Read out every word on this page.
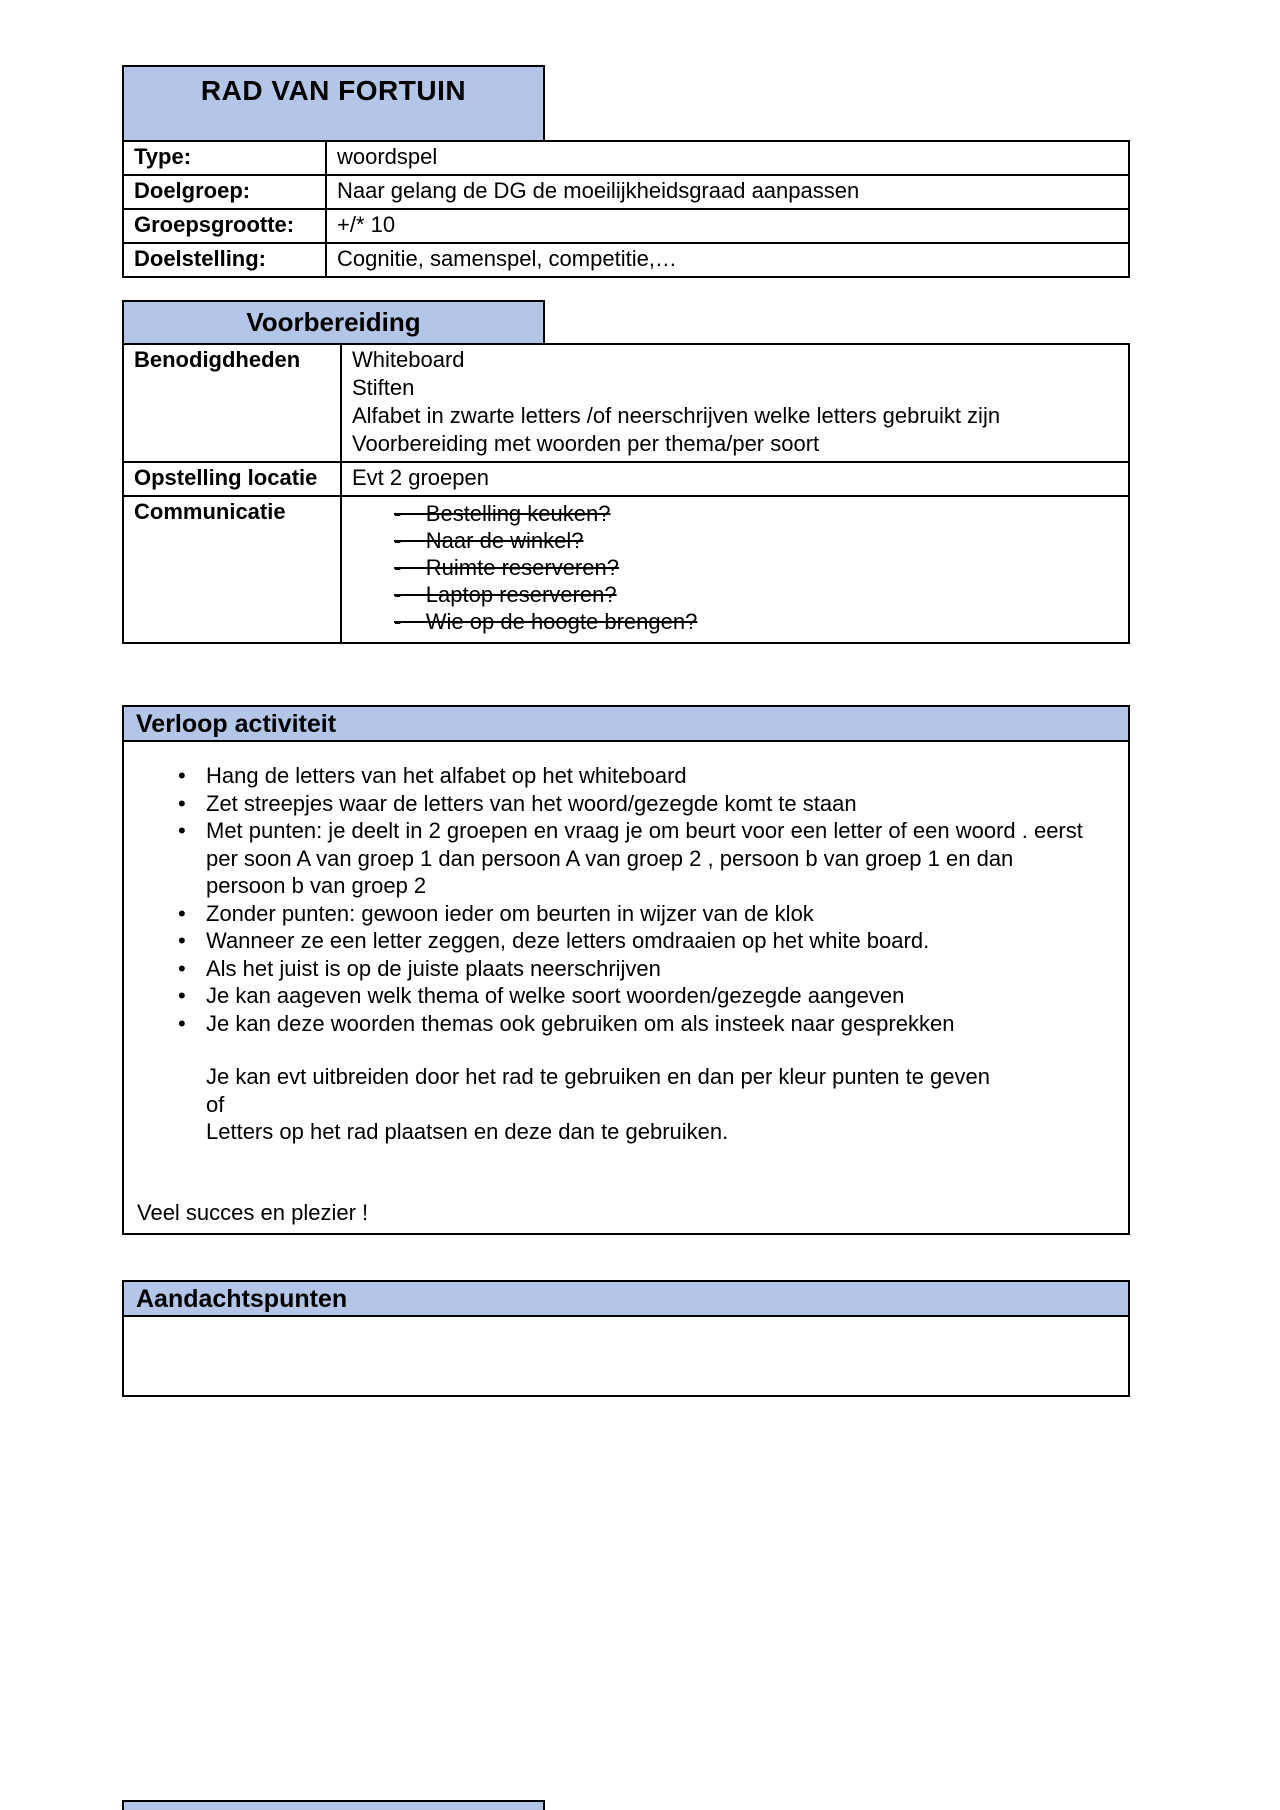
RAD VAN FORTUIN
Type:	woordspel
Doelgroep:	Naar gelang de DG de moeilijkheidsgraad aanpassen
Groepsgrootte:	+/* 10
Doelstelling:	Cognitie, samenspel, competitie,…
Voorbereiding
Benodigdheden	Whiteboard
Stiften
Alfabet in zwarte letters /of neerschrijven welke letters gebruikt zijn
Voorbereiding met woorden per thema/per soort
Opstelling locatie	Evt 2 groepen
Communicatie	-    Bestelling keuken?
-    Naar de winkel?
-    Ruimte reserveren?
-    Laptop reserveren?
-    Wie op de hoogte brengen?
Verloop activiteit
• Hang de letters van het alfabet op het whiteboard
• Zet streepjes waar de letters van het woord/gezegde komt te staan
• Met punten: je deelt in 2 groepen en vraag je om beurt voor een letter of een woord . eerst per soon A van groep 1 dan persoon A van groep 2 , persoon b van groep 1 en dan persoon b van groep 2
• Zonder punten: gewoon ieder om beurten in wijzer van de klok
• Wanneer ze een letter zeggen, deze letters omdraaien op het white board.
• Als het juist is op de juiste plaats neerschrijven
• Je kan aageven welk thema of welke soort woorden/gezegde aangeven
• Je kan deze woorden themas ook gebruiken om als insteek naar gesprekken
Je kan evt uitbreiden door het rad te gebruiken en dan per kleur punten te geven
of
Letters op het rad plaatsen en deze dan te gebruiken.
Veel succes en plezier !
Aandachtspunten
